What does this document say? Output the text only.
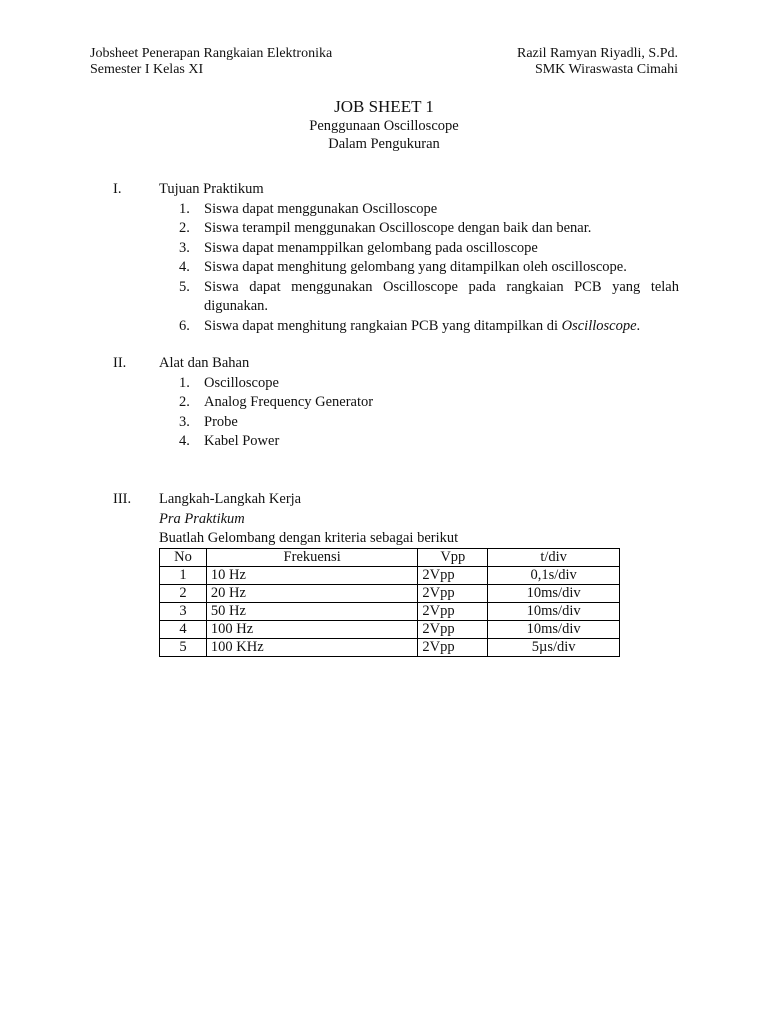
Jobsheet Penerapan Rangkaian Elektronika
Semester I Kelas XI
Razil Ramyan Riyadli, S.Pd.
SMK Wiraswasta Cimahi
JOB SHEET 1
Penggunaan Oscilloscope
Dalam Pengukuran
I.	Tujuan Praktikum
1. Siswa dapat menggunakan Oscilloscope
2. Siswa terampil menggunakan Oscilloscope dengan baik dan benar.
3. Siswa dapat menamppilkan gelombang pada oscilloscope
4. Siswa dapat menghitung gelombang yang ditampilkan oleh oscilloscope.
5. Siswa dapat menggunakan Oscilloscope pada rangkaian PCB yang telah
digunakan.
6. Siswa dapat menghitung rangkaian PCB yang ditampilkan di Oscilloscope.
II. Alat dan Bahan
1. Oscilloscope
2. Analog Frequency Generator
3. Probe
4. Kabel Power
III. Langkah-Langkah Kerja
Pra Praktikum
Buatlah Gelombang dengan kriteria sebagai berikut
No	Frekuensi	Vpp	t/div
1	10 Hz	2Vpp	0,1s/div
2	20 Hz	2Vpp	10ms/div
3	50 Hz	2Vpp	10ms/div
4	100 Hz	2Vpp	10ms/div
5	100 KHz	2Vpp	5µs/div
